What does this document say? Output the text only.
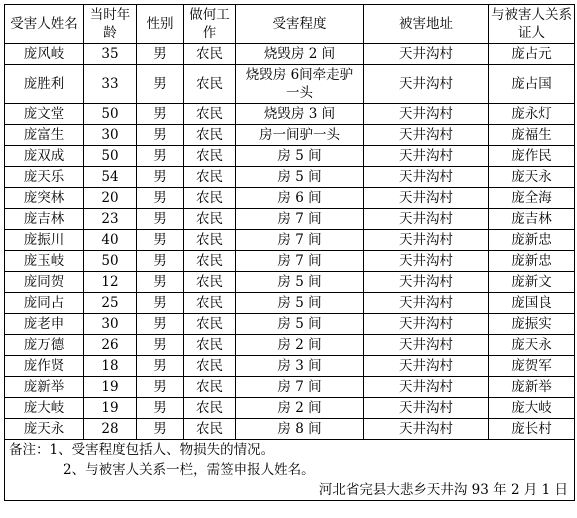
受害人姓名	当时年龄	性别	做何工作	受害程度	被害地址	与被害人关系证人
庞风岐	35	男	农民	烧毁房 2 间	天井沟村	庞占元
庞胜利	33	男	农民	烧毁房 6间牵走驴一头	天井沟村	庞占国
庞文堂	50	男	农民	烧毁房 3 间	天井沟村	庞永灯
庞富生	30	男	农民	房一间驴一头	天井沟村	庞福生
庞双成	50	男	农民	房 5 间	天井沟村	庞作民
庞天乐	54	男	农民	房 5 间	天井沟村	庞天永
庞突林	20	男	农民	房 6 间	天井沟村	庞全海
庞吉林	23	男	农民	房 7 间	天井沟村	庞吉林
庞振川	40	男	农民	房 7 间	天井沟村	庞新忠
庞玉岐	50	男	农民	房 7 间	天井沟村	庞新忠
庞同贺	12	男	农民	房 5 间	天井沟村	庞新文
庞同占	25	男	农民	房 5 间	天井沟村	庞国良
庞老申	30	男	农民	房 5 间	天井沟村	庞振实
庞万德	26	男	农民	房 2 间	天井沟村	庞天永
庞作贤	18	男	农民	房 3 间	天井沟村	庞贺军
庞新举	19	男	农民	房 7 间	天井沟村	庞新举
庞大岐	19	男	农民	房 2 间	天井沟村	庞大岐
庞天永	28	男	农民	房 8 间	天井沟村	庞长村
备注：1、受害程度包括人、物损失的情况。						
2、与被害人关系一栏，需签申报人姓名。						
河北省完县大悲乡天井沟 93 年 2 月 1 日						
